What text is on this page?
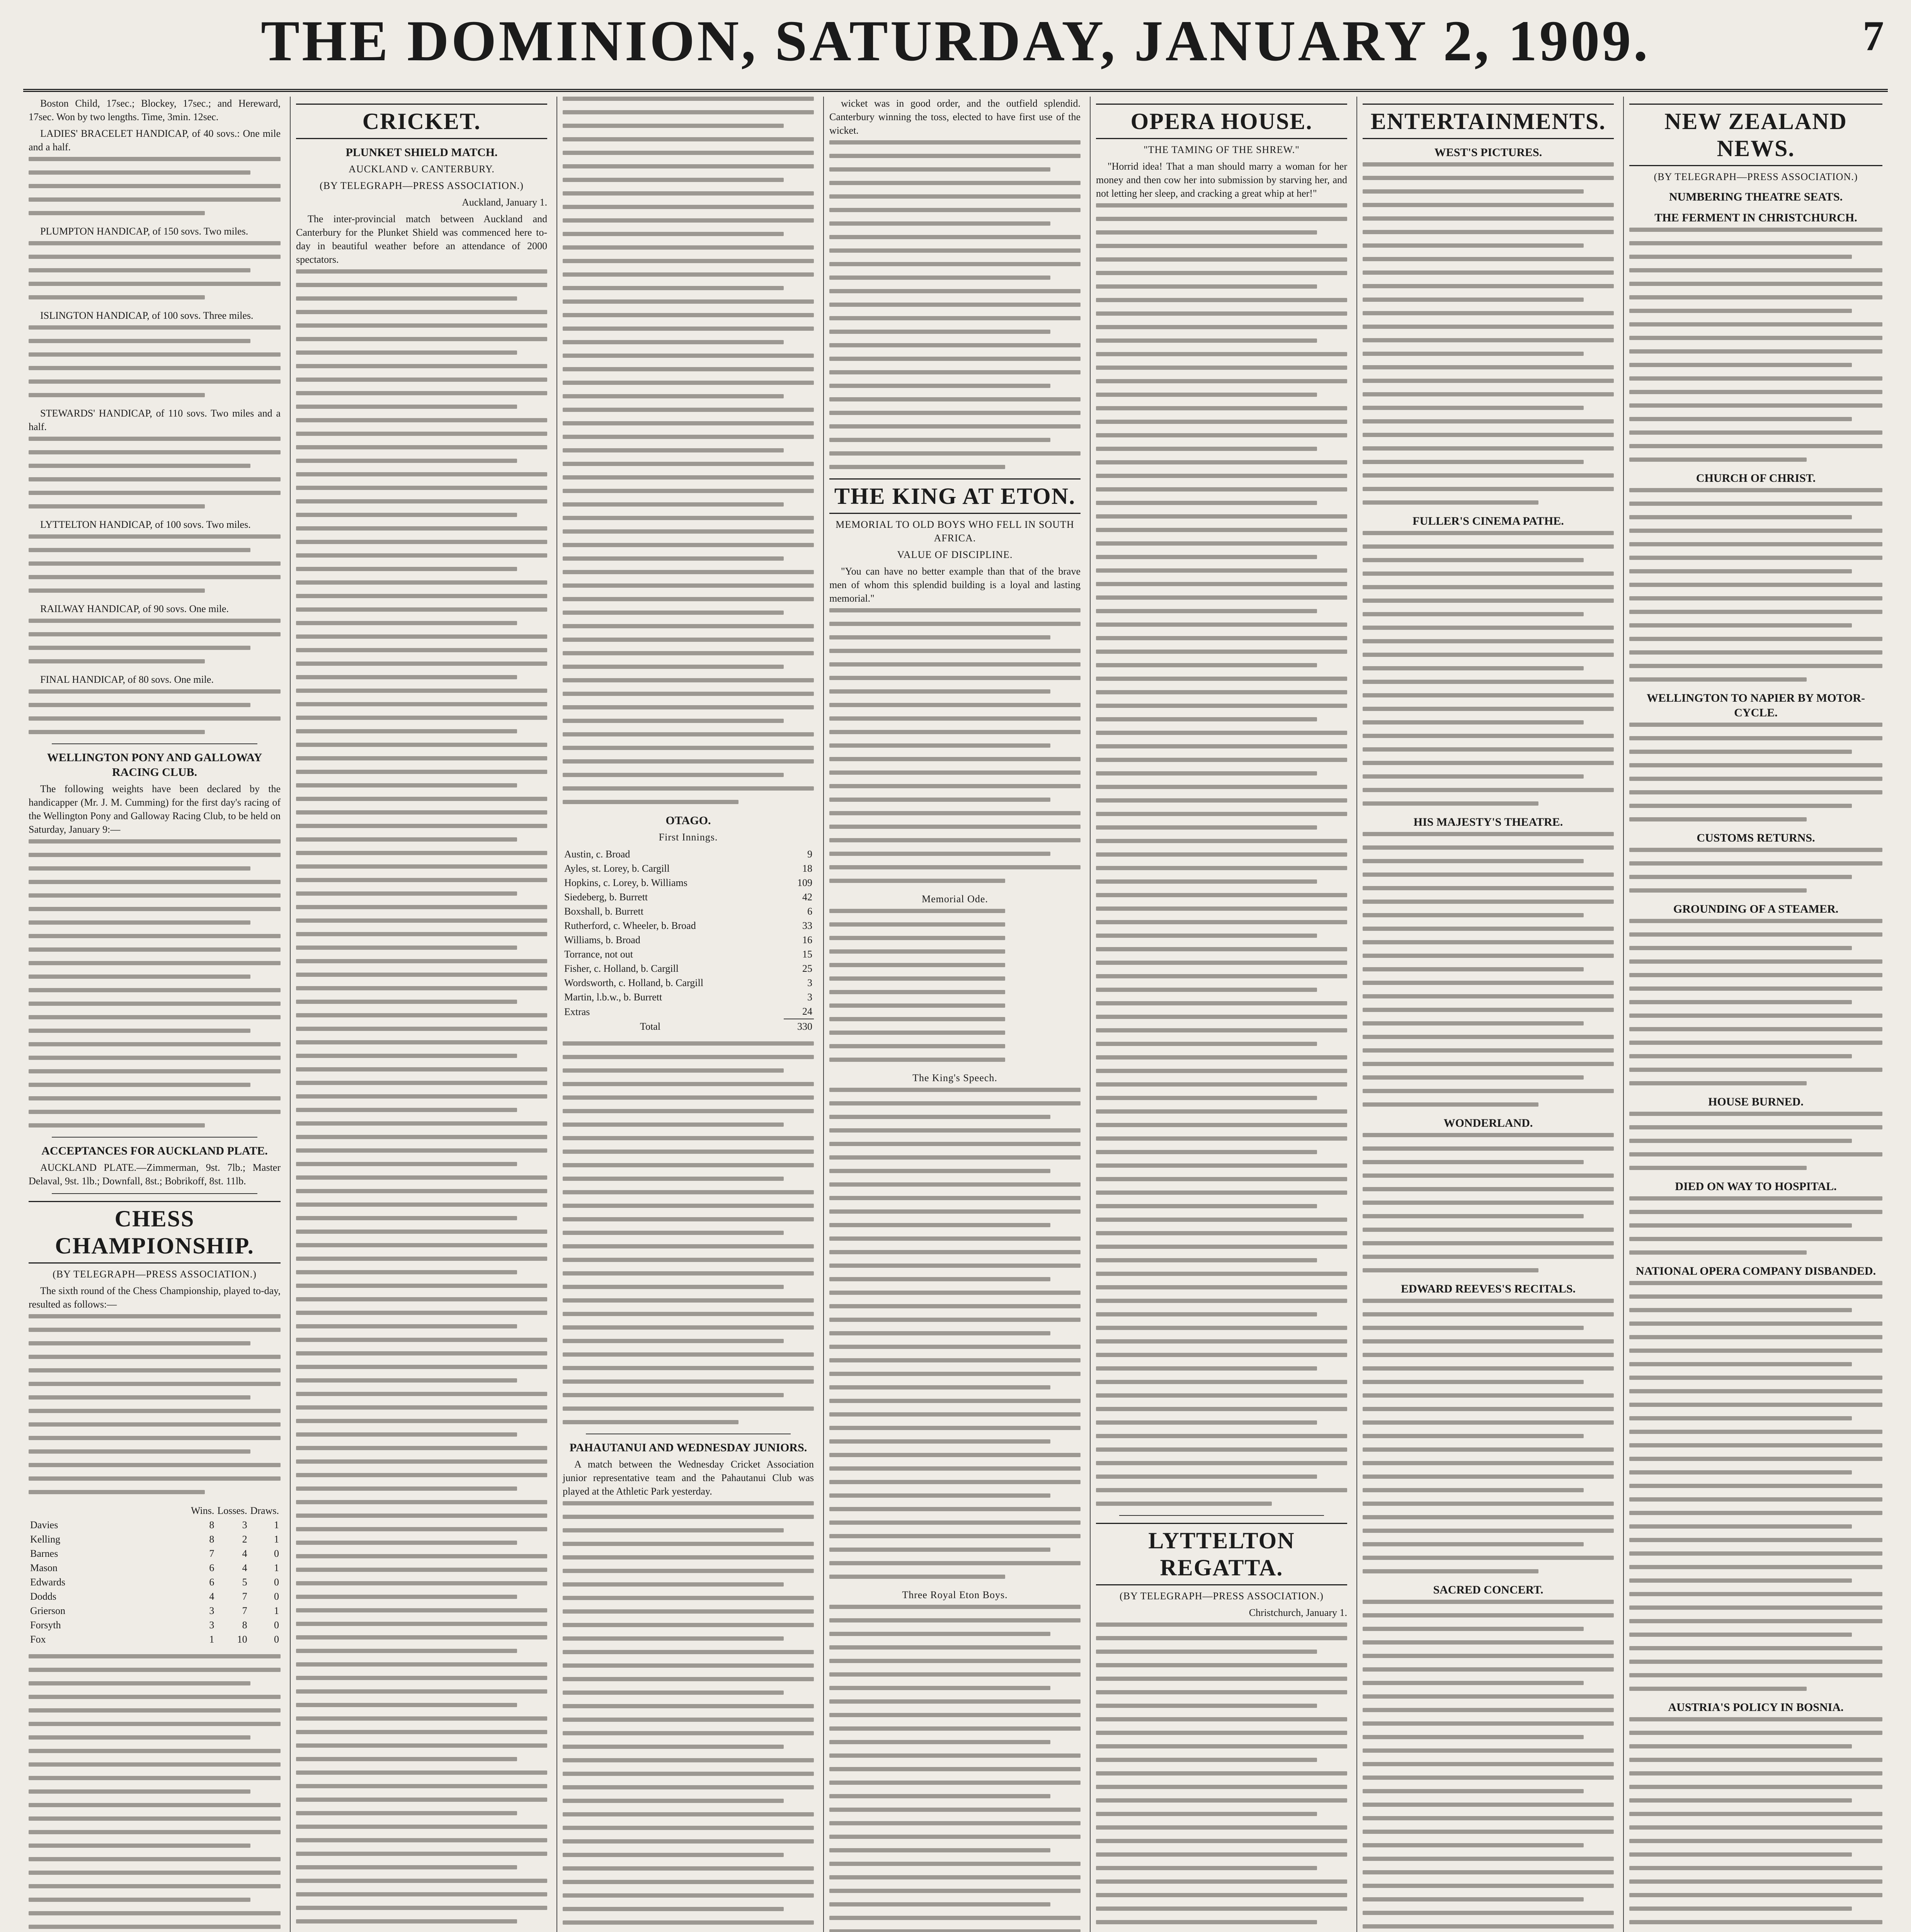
THE DOMINION, SATURDAY, JANUARY 2, 1909.	7

Boston Child, 17sec.; Blockey, 17sec.; and Hereward, 17sec. Won by two lengths. Time, 3min. 12sec.

LADIES' BRACELET HANDICAP, of 40 sovs.: One mile and a half.

PLUMPTON HANDICAP, of 150 sovs. Two miles.

ISLINGTON HANDICAP, of 100 sovs. Three miles.

STEWARDS' HANDICAP, of 110 sovs. Two miles and a half.

LYTTELTON HANDICAP, of 100 sovs. Two miles.

RAILWAY HANDICAP, of 90 sovs. One mile.

FINAL HANDICAP, of 80 sovs. One mile.

WELLINGTON PONY AND GALLOWAY RACING CLUB.

The following weights have been declared by the handicapper (Mr. J. M. Cumming) for the first day's racing of the Wellington Pony and Galloway Racing Club, to be held on Saturday, January 9:—

ACCEPTANCES FOR AUCKLAND PLATE.

AUCKLAND PLATE.—Zimmerman, 9st. 7lb.; Master Delaval, 9st. 1lb.; Downfall, 8st.; Bobrikoff, 8st. 11lb.

CHESS CHAMPIONSHIP.
(BY TELEGRAPH—PRESS ASSOCIATION.)

The sixth round of the Chess Championship, played to-day, resulted as follows:—

	Wins.	Losses.	Draws.
Davies	8	3	1
Kelling	8	2	1
Barnes	7	4	0
Mason	6	4	1
Edwards	6	5	0
Dodds	4	7	0
Grierson	3	7	1
Forsyth	3	8	0
Fox	1	10	0
CRICKET.
PLUNKET SHIELD MATCH.
AUCKLAND v. CANTERBURY.
(BY TELEGRAPH—PRESS ASSOCIATION.)

Auckland, January 1.

The inter-provincial match between Auckland and Canterbury for the Plunket Shield was commenced here to-day in beautiful weather before an attendance of 2000 spectators.

OTAGO.
First Innings.
Austin, c. Broad	9
Ayles, st. Lorey, b. Cargill	18
Hopkins, c. Lorey, b. Williams	109
Siedeberg, b. Burrett	42
Boxshall, b. Burrett	6
Rutherford, c. Wheeler, b. Broad	33
Williams, b. Broad	16
Torrance, not out	15
Fisher, c. Holland, b. Cargill	25
Wordsworth, c. Holland, b. Cargill	3
Martin, l.b.w., b. Burrett	3
Extras	24
Total	330
PAHAUTANUI AND WEDNESDAY JUNIORS.

A match between the Wednesday Cricket Association junior representative team and the Pahautanui Club was played at the Athletic Park yesterday.

wicket was in good order, and the outfield splendid. Canterbury winning the toss, elected to have first use of the wicket.

THE KING AT ETON.
MEMORIAL TO OLD BOYS WHO FELL IN SOUTH AFRICA.
VALUE OF DISCIPLINE.

"You can have no better example than that of the brave men of whom this splendid building is a loyal and lasting memorial."

Memorial Ode.
The King's Speech.
Three Royal Eton Boys.
OPERA HOUSE.
"THE TAMING OF THE SHREW."

"Horrid idea! That a man should marry a woman for her money and then cow her into submission by starving her, and not letting her sleep, and cracking a great whip at her!"

LYTTELTON REGATTA.
(BY TELEGRAPH—PRESS ASSOCIATION.)

Christchurch, January 1.

ENTERTAINMENTS.
WEST'S PICTURES.
FULLER'S CINEMA PATHE.
HIS MAJESTY'S THEATRE.
WONDERLAND.
EDWARD REEVES'S RECITALS.
SACRED CONCERT.
NEW ZEALAND NEWS.
(BY TELEGRAPH—PRESS ASSOCIATION.)
NUMBERING THEATRE SEATS.
THE FERMENT IN CHRISTCHURCH.
CHURCH OF CHRIST.
WELLINGTON TO NAPIER BY MOTOR-CYCLE.
CUSTOMS RETURNS.
GROUNDING OF A STEAMER.
HOUSE BURNED.
DIED ON WAY TO HOSPITAL.
NATIONAL OPERA COMPANY DISBANDED.
AUSTRIA'S POLICY IN BOSNIA.
